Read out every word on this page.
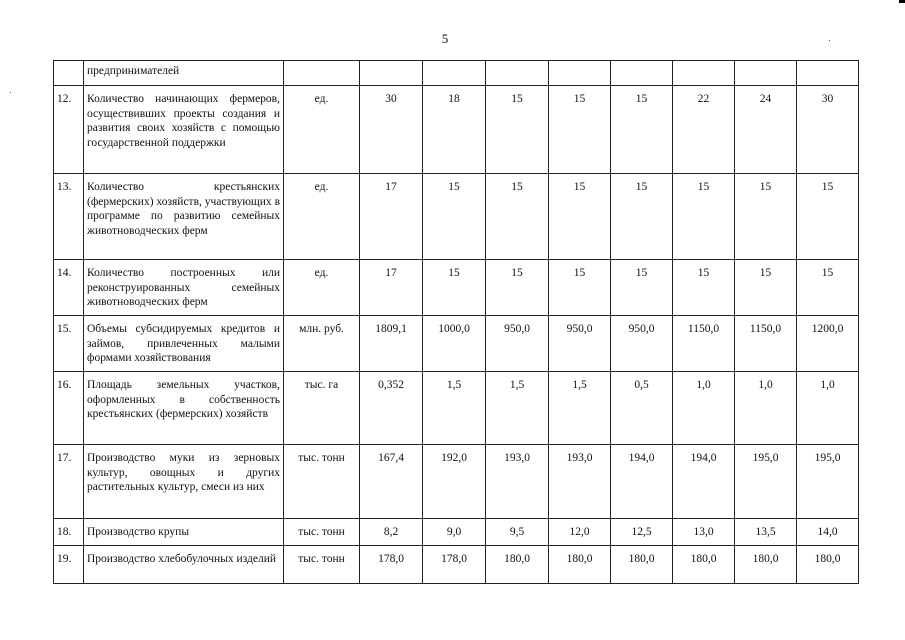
5
	предпринимателей									
12.	Количество начинающих фермеров, осуществивших проекты создания и развития своих хозяйств с помощью государственной поддержки	ед.	30	18	15	15	15	22	24	30
13.	Количество крестьянских (фермерских) хозяйств, участвующих в программе по развитию семейных животноводческих ферм	ед.	17	15	15	15	15	15	15	15
14.	Количество построенных или реконструированных семейных животноводческих ферм	ед.	17	15	15	15	15	15	15	15
15.	Объемы субсидируемых кредитов и займов, привлеченных малыми формами хозяйствования	млн. руб.	1809,1	1000,0	950,0	950,0	950,0	1150,0	1150,0	1200,0
16.	Площадь земельных участков, оформленных в собственность крестьянских (фермерских) хозяйств	тыс. га	0,352	1,5	1,5	1,5	0,5	1,0	1,0	1,0
17.	Производство муки из зерновых культур, овощных и других растительных культур, смеси из них	тыс. тонн	167,4	192,0	193,0	193,0	194,0	194,0	195,0	195,0
18.	Производство крупы	тыс. тонн	8,2	9,0	9,5	12,0	12,5	13,0	13,5	14,0
19.	Производство хлебобулочных изделий	тыс. тонн	178,0	178,0	180,0	180,0	180,0	180,0	180,0	180,0
